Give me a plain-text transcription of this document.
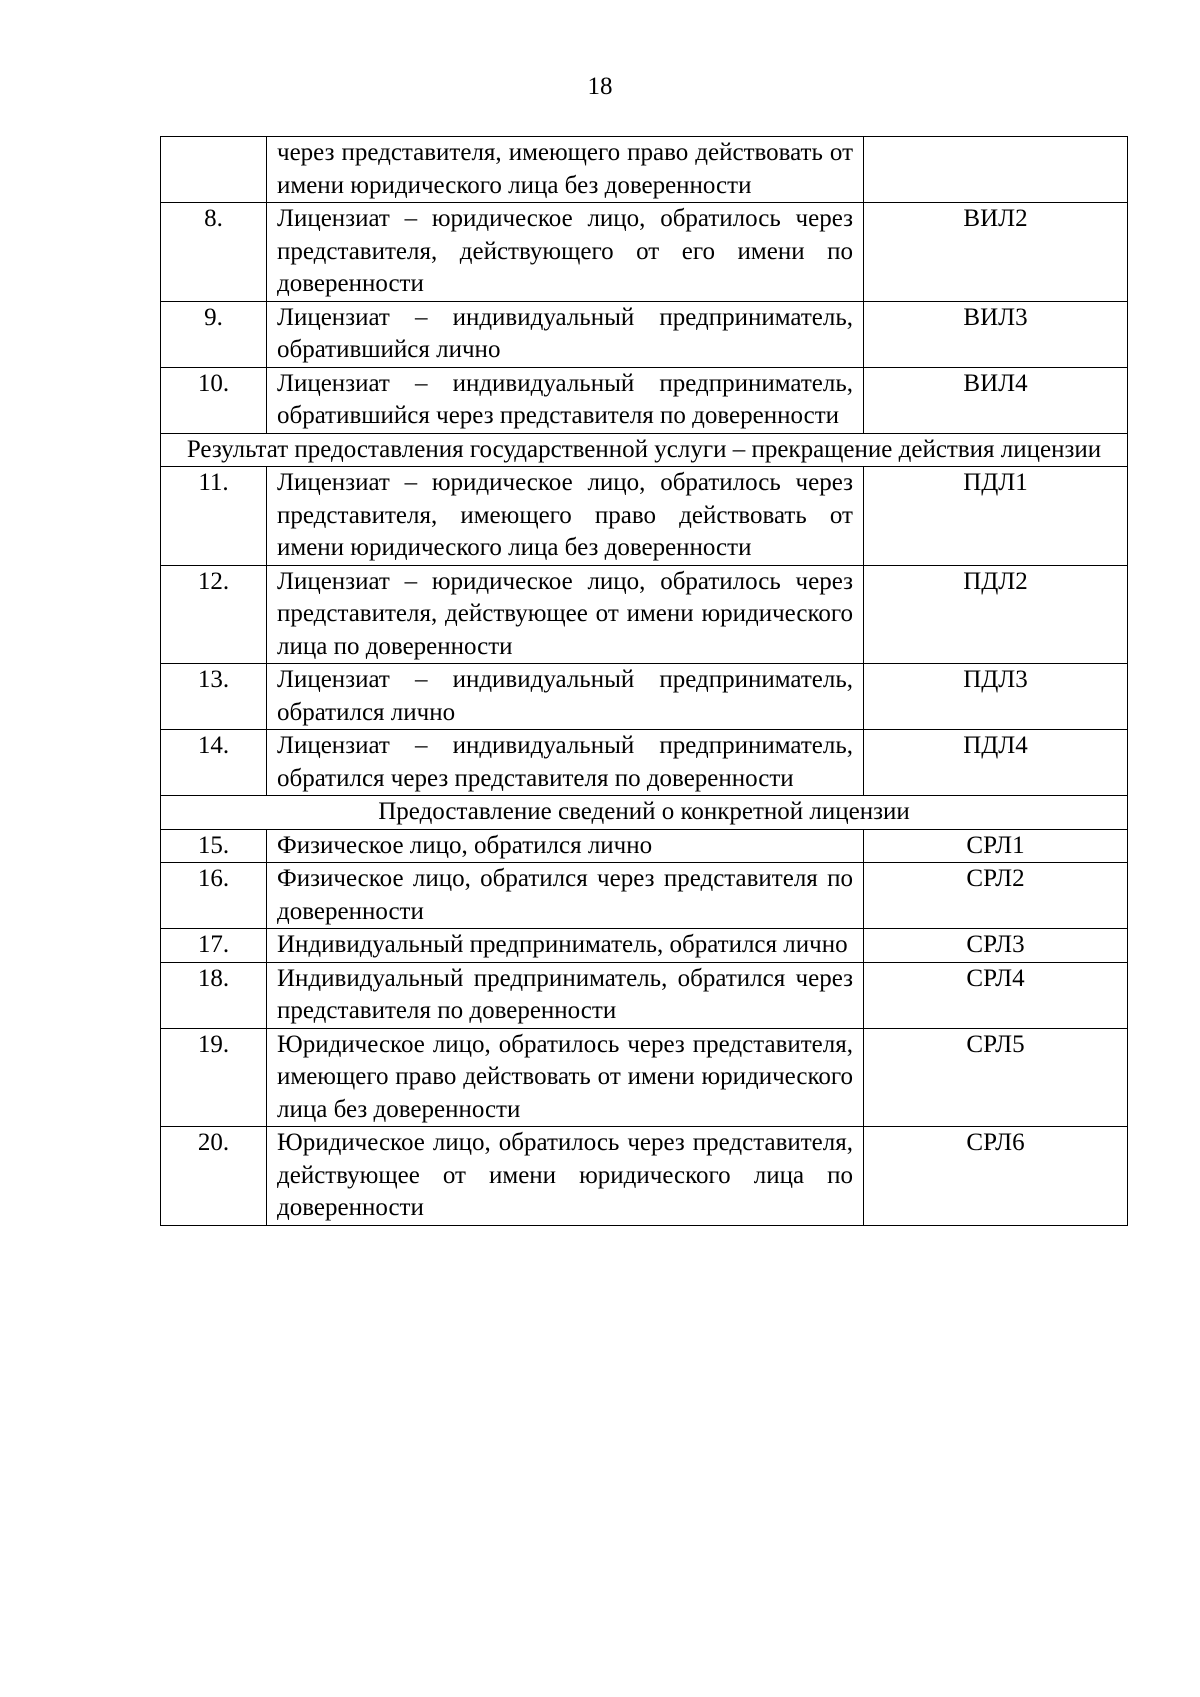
18
	через представителя, имеющего право действовать от имени юридического лица без доверенности	
8.	Лицензиат – юридическое лицо, обратилось через представителя, действующего от его имени по доверенности	ВИЛ2
9.	Лицензиат – индивидуальный предприниматель, обратившийся лично	ВИЛ3
10.	Лицензиат – индивидуальный предприниматель, обратившийся через представителя по доверенности	ВИЛ4
Результат предоставления государственной услуги – прекращение действия лицензии		
11.	Лицензиат – юридическое лицо, обратилось через представителя, имеющего право действовать от имени юридического лица без доверенности	ПДЛ1
12.	Лицензиат – юридическое лицо, обратилось через представителя, действующее от имени юридического лица по доверенности	ПДЛ2
13.	Лицензиат – индивидуальный предприниматель, обратился лично	ПДЛ3
14.	Лицензиат – индивидуальный предприниматель, обратился через представителя по доверенности	ПДЛ4
Предоставление сведений о конкретной лицензии		
15.	Физическое лицо, обратился лично	СРЛ1
16.	Физическое лицо, обратился через представителя по доверенности	СРЛ2
17.	Индивидуальный предприниматель, обратился лично	СРЛ3
18.	Индивидуальный предприниматель, обратился через представителя по доверенности	СРЛ4
19.	Юридическое лицо, обратилось через представителя, имеющего право действовать от имени юридического лица без доверенности	СРЛ5
20.	Юридическое лицо, обратилось через представителя, действующее от имени юридического лица по доверенности	СРЛ6
